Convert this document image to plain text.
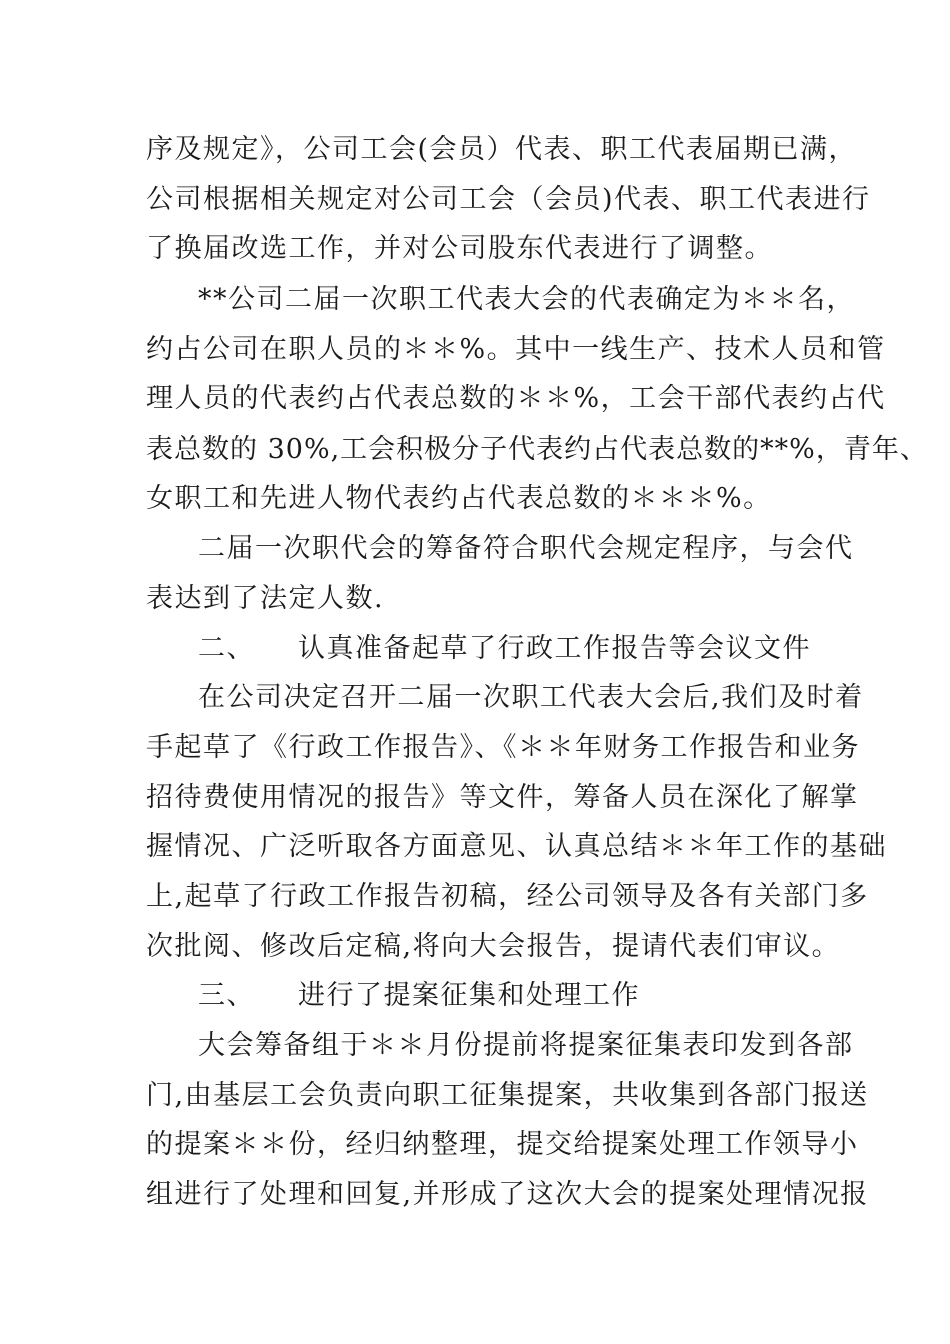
序及规定》，公司工会(会员）代表、职工代表届期已满，
公司根据相关规定对公司工会（会员)代表、职工代表进行
了换届改选工作，并对公司股东代表进行了调整。
**公司二届一次职工代表大会的代表确定为＊＊名，
约占公司在职人员的＊＊%。其中一线生产、技术人员和管
理人员的代表约占代表总数的＊＊%，工会干部代表约占代
表总数的 30%,工会积极分子代表约占代表总数的**%，青年、
女职工和先进人物代表约占代表总数的＊＊＊%。
二届一次职代会的筹备符合职代会规定程序，与会代
表达到了法定人数.
二、 认真准备起草了行政工作报告等会议文件
在公司决定召开二届一次职工代表大会后,我们及时着
手起草了《行政工作报告》、《＊＊年财务工作报告和业务
招待费使用情况的报告》等文件，筹备人员在深化了解掌
握情况、广泛听取各方面意见、认真总结＊＊年工作的基础
上,起草了行政工作报告初稿，经公司领导及各有关部门多
次批阅、修改后定稿,将向大会报告，提请代表们审议。
三、 进行了提案征集和处理工作
大会筹备组于＊＊月份提前将提案征集表印发到各部
门,由基层工会负责向职工征集提案，共收集到各部门报送
的提案＊＊份，经归纳整理，提交给提案处理工作领导小
组进行了处理和回复,并形成了这次大会的提案处理情况报
